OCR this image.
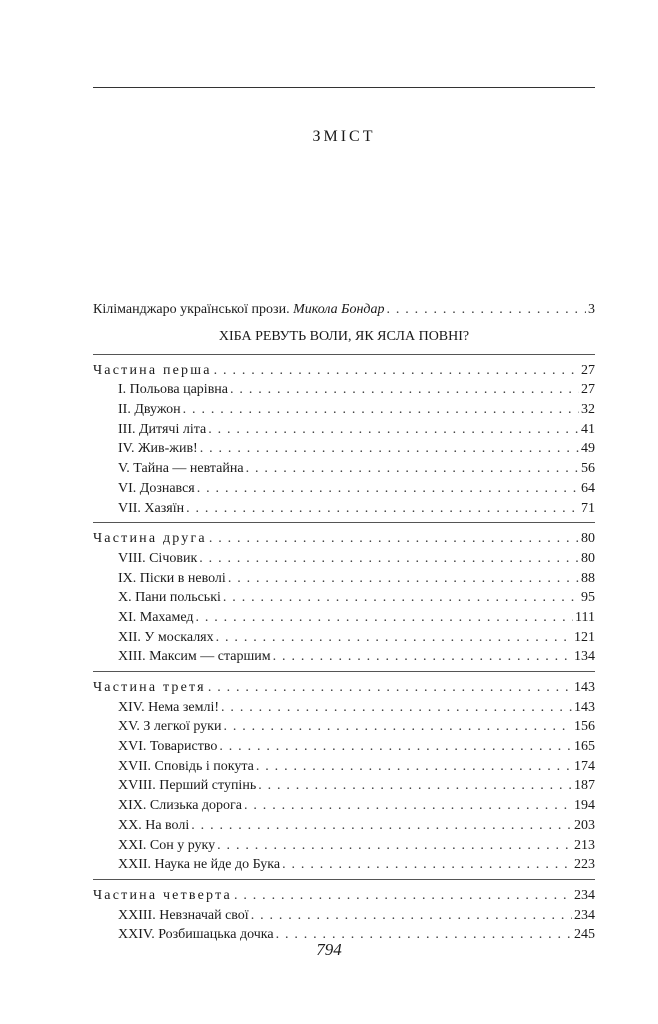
ЗМІСТ
Кіліманджаро української прози. Микола Бондар . . .	3
ХІБА РЕВУТЬ ВОЛИ, ЯК ЯСЛА ПОВНІ?
Частина перша . . .	27
I. Польова царівна . . .	27
II. Двужон . . .	32
III. Дитячі літа . . .	41
IV. Жив-жив! . . .	49
V. Тайна — невтайна . . .	56
VI. Дознався . . .	64
VII. Хазяїн . . .	71
Частина друга . . .	80
VIII. Січовик . . .	80
IX. Піски в неволі . . .	88
X. Пани польські . . .	95
XI. Махамед . . .	111
XII. У москалях . . .	121
XIII. Максим — старшим . . .	134
Частина третя . . .	143
XIV. Нема землі! . . .	143
XV. З легкої руки . . .	156
XVI. Товариство . . .	165
XVII. Сповідь і покута . . .	174
XVIII. Перший ступінь . . .	187
XIX. Слизька дорога . . .	194
XX. На волі . . .	203
XXI. Сон у руку . . .	213
XXII. Наука не йде до Бука . . .	223
Частина четверта . . .	234
XXIII. Невзначай свої . . .	234
XXIV. Розбишацька дочка . . .	245
794
